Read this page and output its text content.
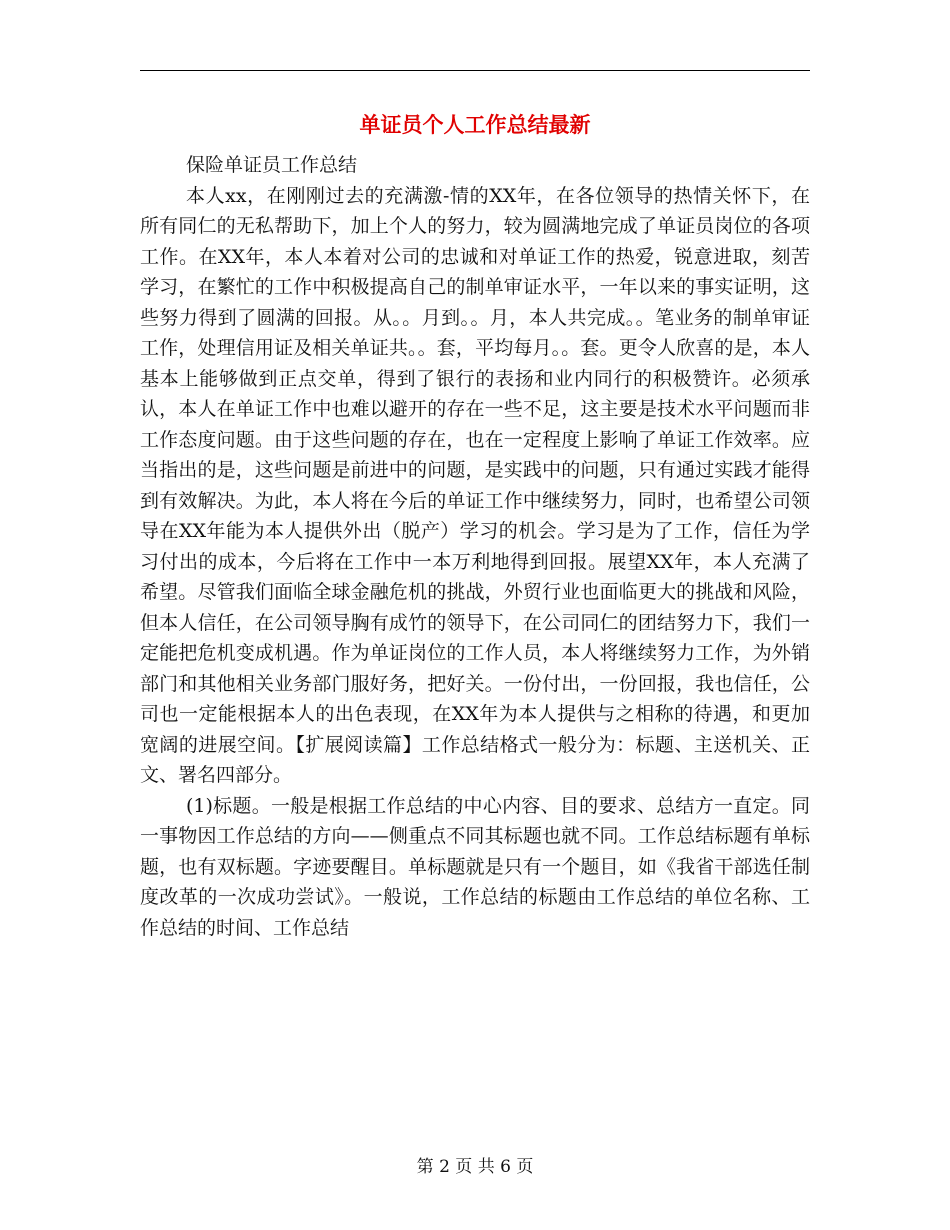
单证员个人工作总结最新

保险单证员工作总结

本人xx，在刚刚过去的充满激-情的XX年，在各位领导的热情关怀下，在所有同仁的无私帮助下，加上个人的努力，较为圆满地完成了单证员岗位的各项工作。在XX年，本人本着对公司的忠诚和对单证工作的热爱，锐意进取，刻苦学习，在繁忙的工作中积极提高自己的制单审证水平，一年以来的事实证明，这些努力得到了圆满的回报。从。。月到。。月，本人共完成。。笔业务的制单审证工作，处理信用证及相关单证共。。套，平均每月。。套。更令人欣喜的是，本人基本上能够做到正点交单，得到了银行的表扬和业内同行的积极赞许。必须承认，本人在单证工作中也难以避开的存在一些不足，这主要是技术水平问题而非工作态度问题。由于这些问题的存在，也在一定程度上影响了单证工作效率。应当指出的是，这些问题是前进中的问题，是实践中的问题，只有通过实践才能得到有效解决。为此，本人将在今后的单证工作中继续努力，同时，也希望公司领导在XX年能为本人提供外出（脱产）学习的机会。学习是为了工作，信任为学习付出的成本，今后将在工作中一本万利地得到回报。展望XX年，本人充满了希望。尽管我们面临全球金融危机的挑战，外贸行业也面临更大的挑战和风险，但本人信任，在公司领导胸有成竹的领导下，在公司同仁的团结努力下，我们一定能把危机变成机遇。作为单证岗位的工作人员，本人将继续努力工作，为外销部门和其他相关业务部门服好务，把好关。一份付出，一份回报，我也信任，公司也一定能根据本人的出色表现，在XX年为本人提供与之相称的待遇，和更加宽阔的进展空间。【扩展阅读篇】工作总结格式一般分为：标题、主送机关、正文、署名四部分。

(1)标题。一般是根据工作总结的中心内容、目的要求、总结方一直定。同一事物因工作总结的方向——侧重点不同其标题也就不同。工作总结标题有单标题，也有双标题。字迹要醒目。单标题就是只有一个题目，如《我省干部选任制度改革的一次成功尝试》。一般说，工作总结的标题由工作总结的单位名称、工作总结的时间、工作总结

第 2 页 共 6 页
